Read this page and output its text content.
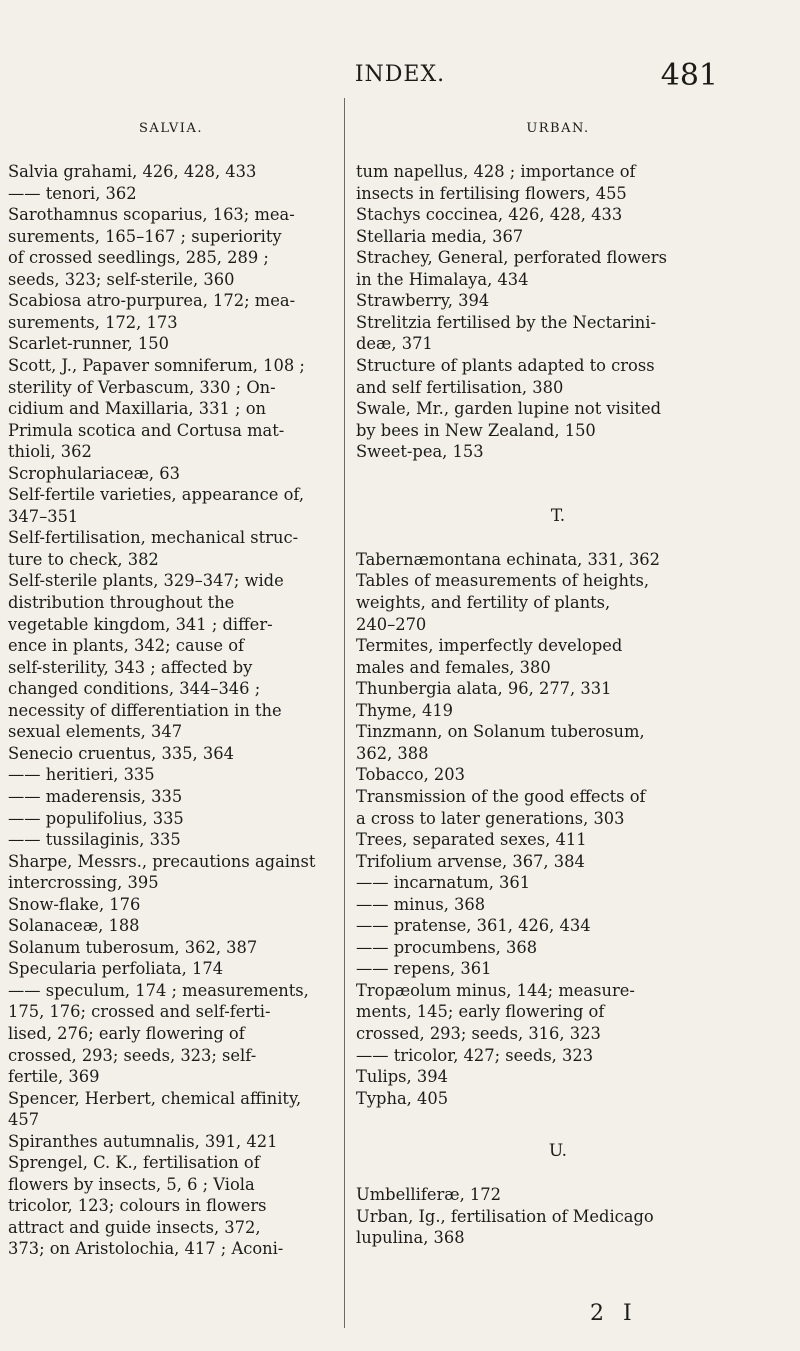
INDEX.	481
SALVIA.
Salvia grahami, 426, 428, 433
—— tenori, 362
Sarothamnus scoparius, 163; mea-
surements, 165–167 ; superiority
of crossed seedlings, 285, 289 ;
seeds, 323; self-sterile, 360
Scabiosa atro-purpurea, 172; mea-
surements, 172, 173
Scarlet-runner, 150
Scott, J., Papaver somniferum, 108 ;
sterility of Verbascum, 330 ; On-
cidium and Maxillaria, 331 ; on
Primula scotica and Cortusa mat-
thioli, 362
Scrophulariaceæ, 63
Self-fertile varieties, appearance of,
347–351
Self-fertilisation, mechanical struc-
ture to check, 382
Self-sterile plants, 329–347; wide
distribution throughout the
vegetable kingdom, 341 ; differ-
ence in plants, 342; cause of
self-sterility, 343 ; affected by
changed conditions, 344–346 ;
necessity of differentiation in the
sexual elements, 347
Senecio cruentus, 335, 364
—— heritieri, 335
—— maderensis, 335
—— populifolius, 335
—— tussilaginis, 335
Sharpe, Messrs., precautions against
intercrossing, 395
Snow-flake, 176
Solanaceæ, 188
Solanum tuberosum, 362, 387
Specularia perfoliata, 174
—— speculum, 174 ; measurements,
175, 176; crossed and self-ferti-
lised, 276; early flowering of
crossed, 293; seeds, 323; self-
fertile, 369
Spencer, Herbert, chemical affinity,
457
Spiranthes autumnalis, 391, 421
Sprengel, C. K., fertilisation of
flowers by insects, 5, 6 ; Viola
tricolor, 123; colours in flowers
attract and guide insects, 372,
373; on Aristolochia, 417 ; Aconi-
URBAN.
tum napellus, 428 ; importance of
insects in fertilising flowers, 455
Stachys coccinea, 426, 428, 433
Stellaria media, 367
Strachey, General, perforated flowers
in the Himalaya, 434
Strawberry, 394
Strelitzia fertilised by the Nectarini-
deæ, 371
Structure of plants adapted to cross
and self fertilisation, 380
Swale, Mr., garden lupine not visited
by bees in New Zealand, 150
Sweet-pea, 153
T.
Tabernæmontana echinata, 331, 362
Tables of measurements of heights,
weights, and fertility of plants,
240–270
Termites, imperfectly developed
males and females, 380
Thunbergia alata, 96, 277, 331
Thyme, 419
Tinzmann, on Solanum tuberosum,
362, 388
Tobacco, 203
Transmission of the good effects of
a cross to later generations, 303
Trees, separated sexes, 411
Trifolium arvense, 367, 384
—— incarnatum, 361
—— minus, 368
—— pratense, 361, 426, 434
—— procumbens, 368
—— repens, 361
Tropæolum minus, 144; measure-
ments, 145; early flowering of
crossed, 293; seeds, 316, 323
—— tricolor, 427; seeds, 323
Tulips, 394
Typha, 405
U.
Umbelliferæ, 172
Urban, Ig., fertilisation of Medicago
lupulina, 368
2 I
